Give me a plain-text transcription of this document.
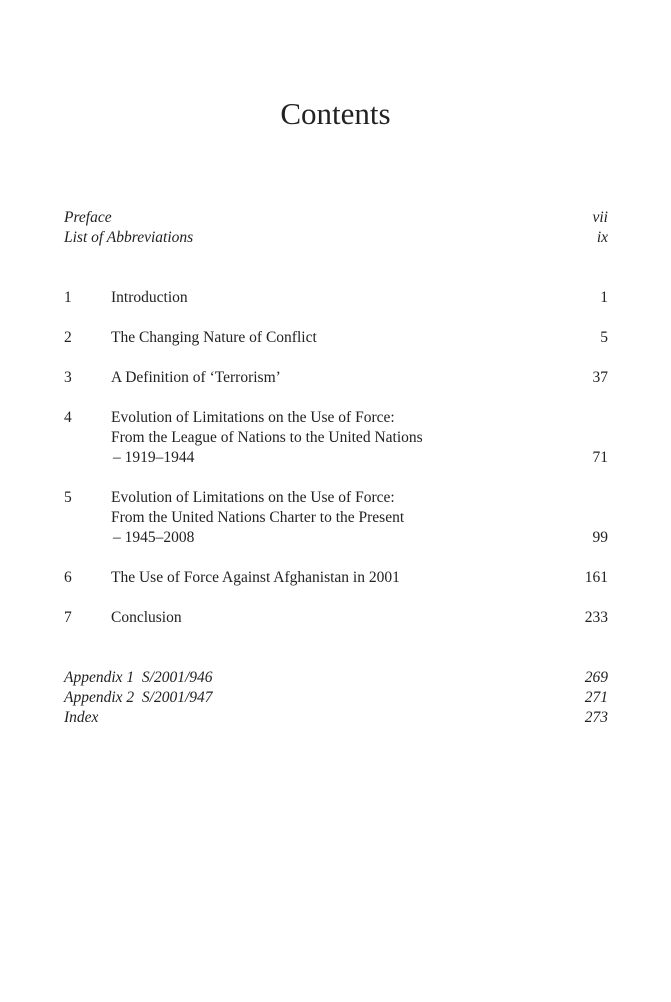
Contents
Preface	vii
List of Abbreviations	ix
1	Introduction	1
2	The Changing Nature of Conflict	5
3	A Definition of ‘Terrorism’	37
4	Evolution of Limitations on the Use of Force:
From the League of Nations to the United Nations
– 1919–1944	71
5	Evolution of Limitations on the Use of Force:
From the United Nations Charter to the Present
– 1945–2008	99
6	The Use of Force Against Afghanistan in 2001	161
7	Conclusion	233
Appendix 1  S/2001/946	269
Appendix 2  S/2001/947	271
Index	273
